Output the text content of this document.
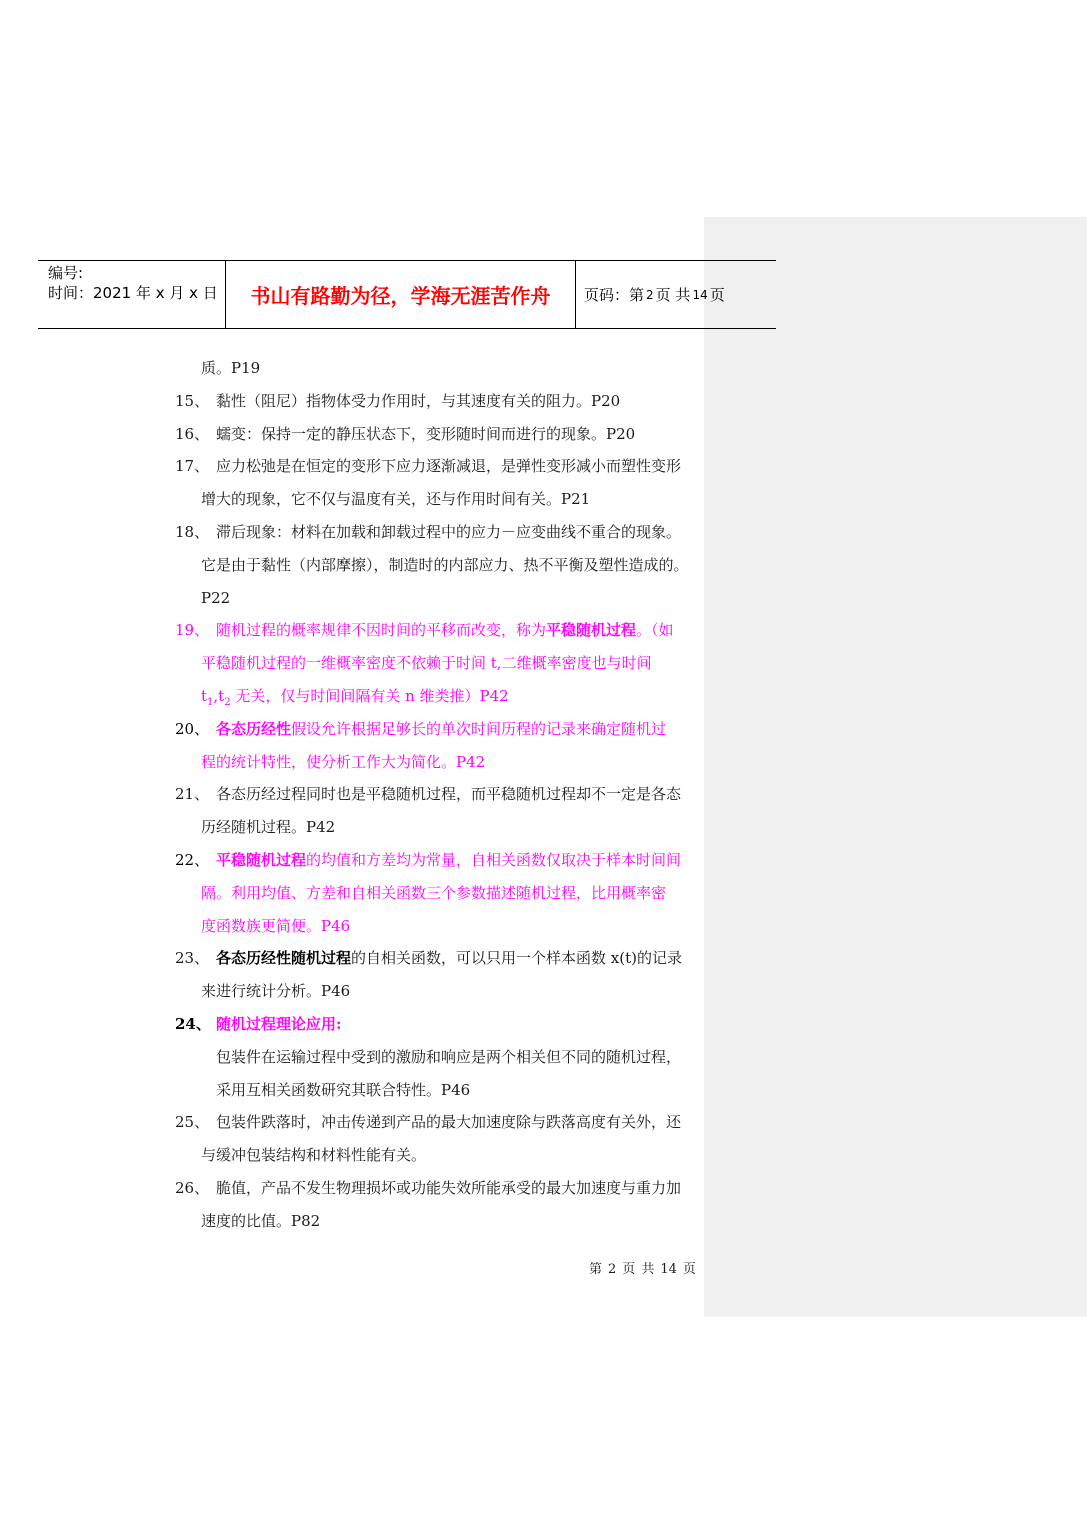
编号:
时间：2021 年 x 月 x 日	书山有路勤为径，学海无涯苦作舟	页码：第 2 页 共 14 页
质。P19
15、 黏性（阻尼）指物体受力作用时，与其速度有关的阻力。P20
16、 蠕变：保持一定的静压状态下，变形随时间而进行的现象。P20
17、 应力松弛是在恒定的变形下应力逐渐减退，是弹性变形减小而塑性变形
增大的现象，它不仅与温度有关，还与作用时间有关。P21
18、 滞后现象：材料在加载和卸载过程中的应力－应变曲线不重合的现象。
它是由于黏性（内部摩擦），制造时的内部应力、热不平衡及塑性造成的。
P22
19、 随机过程的概率规律不因时间的平移而改变，称为平稳随机过程。（如
平稳随机过程的一维概率密度不依赖于时间 t,二维概率密度也与时间
$t_1,t_2$ 无关，仅与时间间隔有关 n 维类推）P42
20、 各态历经性假设允许根据足够长的单次时间历程的记录来确定随机过
程的统计特性，使分析工作大为简化。P42
21、 各态历经过程同时也是平稳随机过程，而平稳随机过程却不一定是各态
历经随机过程。P42
22、 平稳随机过程的均值和方差均为常量，自相关函数仅取决于样本时间间
隔。利用均值、方差和自相关函数三个参数描述随机过程，比用概率密
度函数族更简便。P46
23、 各态历经性随机过程的自相关函数，可以只用一个样本函数 x(t)的记录
来进行统计分析。P46
24、 随机过程理论应用:
包装件在运输过程中受到的激励和响应是两个相关但不同的随机过程，
采用互相关函数研究其联合特性。P46
25、 包装件跌落时，冲击传递到产品的最大加速度除与跌落高度有关外，还
与缓冲包装结构和材料性能有关。
26、 脆值，产品不发生物理损坏或功能失效所能承受的最大加速度与重力加
速度的比值。P82
第 2 页 共 14 页
